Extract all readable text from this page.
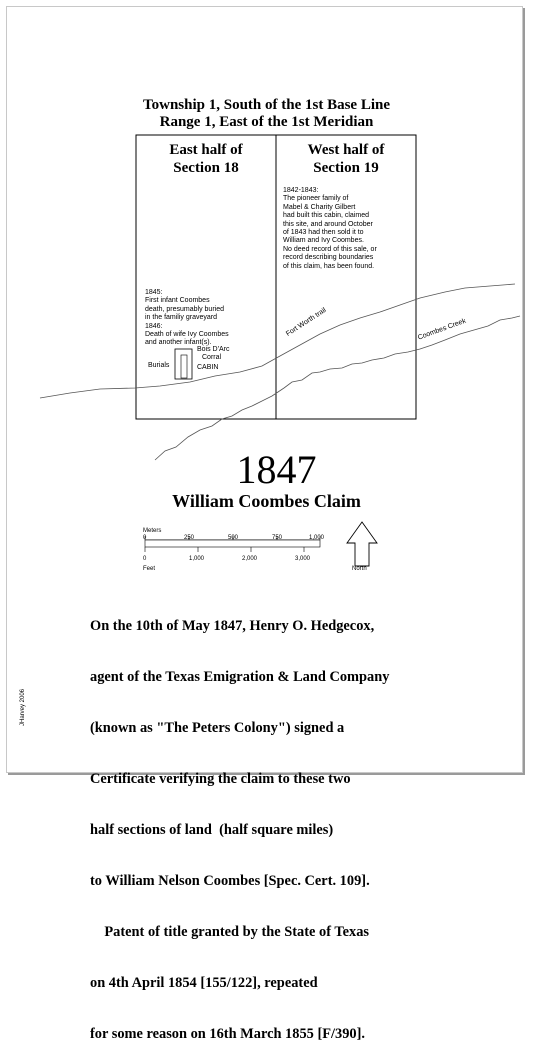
Township 1, South of the 1st Base Line
Range 1, East of the 1st Meridian
East half of
Section 18
West half of
Section 19
1842-1843:
The pioneer family of
Mabel & Charity Gilbert
had built this cabin, claimed
this site, and around October
of 1843 had then sold it to
William and Ivy Coombes.
No deed record of this sale, or
record describing boundaries
of this claim, has been found.
1845:
First infant Coombes
death, presumably buried
in the familiy graveyard
1846:
Death of wife Ivy Coombes
and another infant(s).
Bois D'Arc
Corral
Burials	CABIN
Fort Worth trail	Coombes Creek
1847
William Coombes Claim
Meters
0	250	500	750	1,000
0	1,000	2,000	3,000
Feet	North

On the 10th of May 1847, Henry O. Hedgecox,

agent of the Texas Emigration & Land Company

(known as "The Peters Colony") signed a

Certificate verifying the claim to these two

half sections of land  (half square miles)

to William Nelson Coombes [Spec. Cert. 109].

Patent of title granted by the State of Texas

on 4th April 1854 [155/122], repeated

for some reason on 16th March 1855 [F/390].

JHarvey 2006
